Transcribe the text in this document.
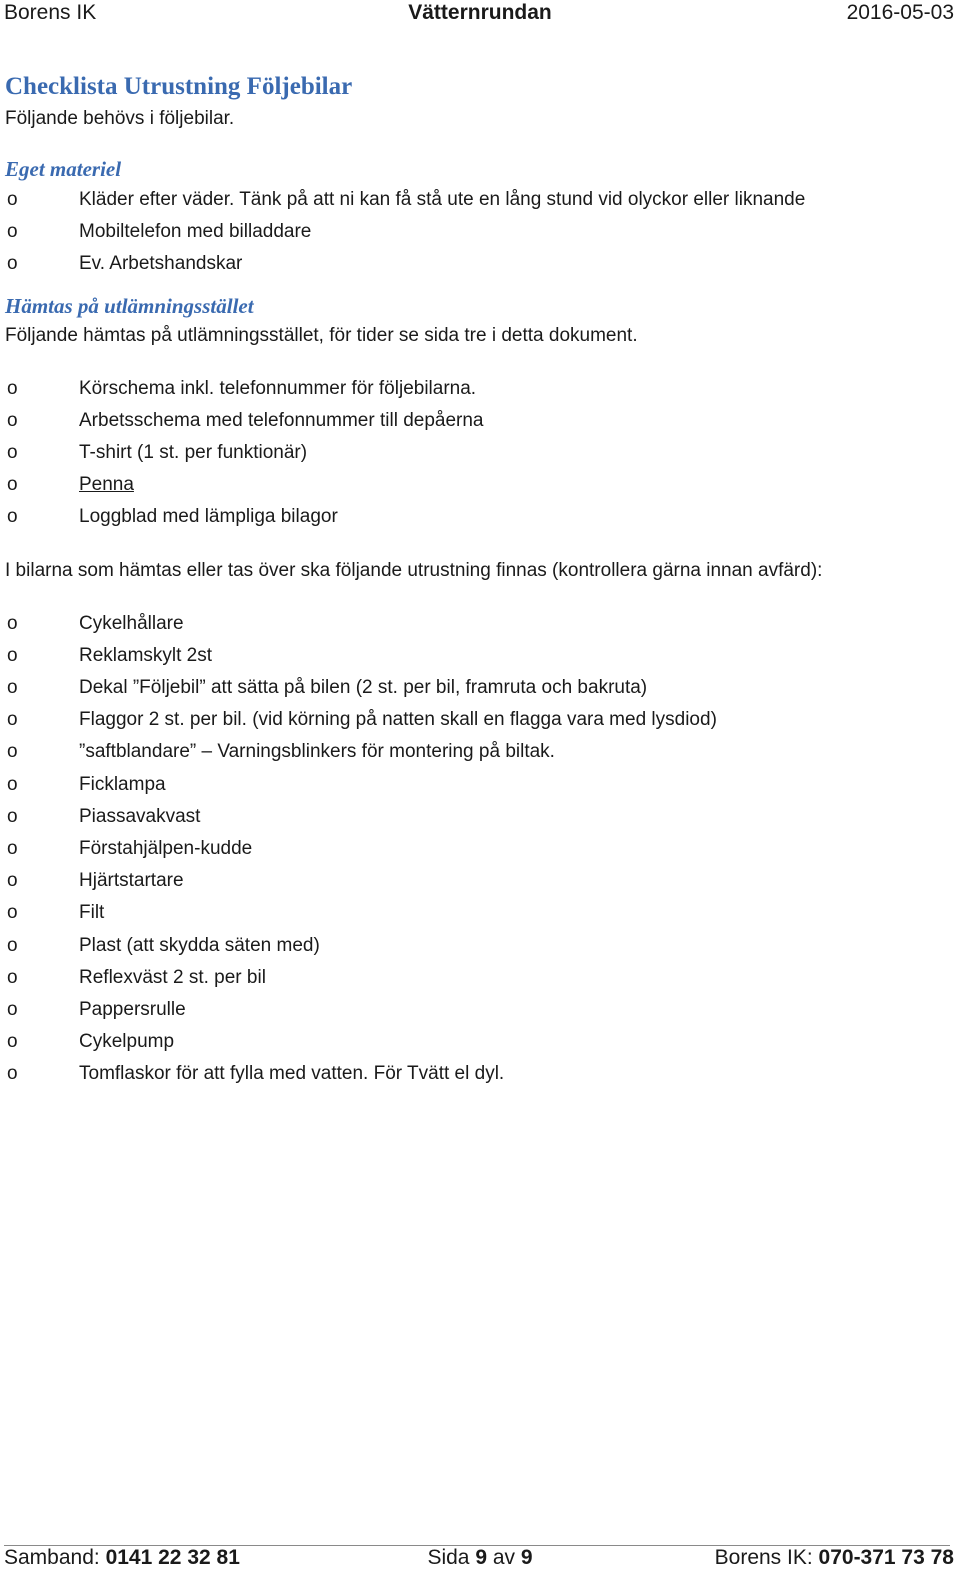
Borens IK	Vätternrundan	2016-05-03
Checklista Utrustning Följebilar

Följande behövs i följebilar.

Eget materiel
o	Kläder efter väder. Tänk på att ni kan få stå ute en lång stund vid olyckor eller liknande
o	Mobiltelefon med billaddare
o	Ev. Arbetshandskar
Hämtas på utlämningsstället

Följande hämtas på utlämningsstället, för tider se sida tre i detta dokument.

o	Körschema inkl. telefonnummer för följebilarna.
o	Arbetsschema med telefonnummer till depåerna
o	T-shirt (1 st. per funktionär)
o	Penna
o	Loggblad med lämpliga bilagor

I bilarna som hämtas eller tas över ska följande utrustning finnas (kontrollera gärna innan avfärd):

o	Cykelhållare
o	Reklamskylt 2st
o	Dekal ”Följebil” att sätta på bilen (2 st. per bil, framruta och bakruta)
o	Flaggor 2 st. per bil. (vid körning på natten skall en flagga vara med lysdiod)
o	”saftblandare” – Varningsblinkers för montering på biltak.
o	Ficklampa
o	Piassavakvast
o	Förstahjälpen-kudde
o	Hjärtstartare
o	Filt
o	Plast (att skydda säten med)
o	Reflexväst 2 st. per bil
o	Pappersrulle
o	Cykelpump
o	Tomflaskor för att fylla med vatten. För Tvätt el dyl.
Samband: 0141 22 32 81	Sida 9 av 9	Borens IK: 070-371 73 78
